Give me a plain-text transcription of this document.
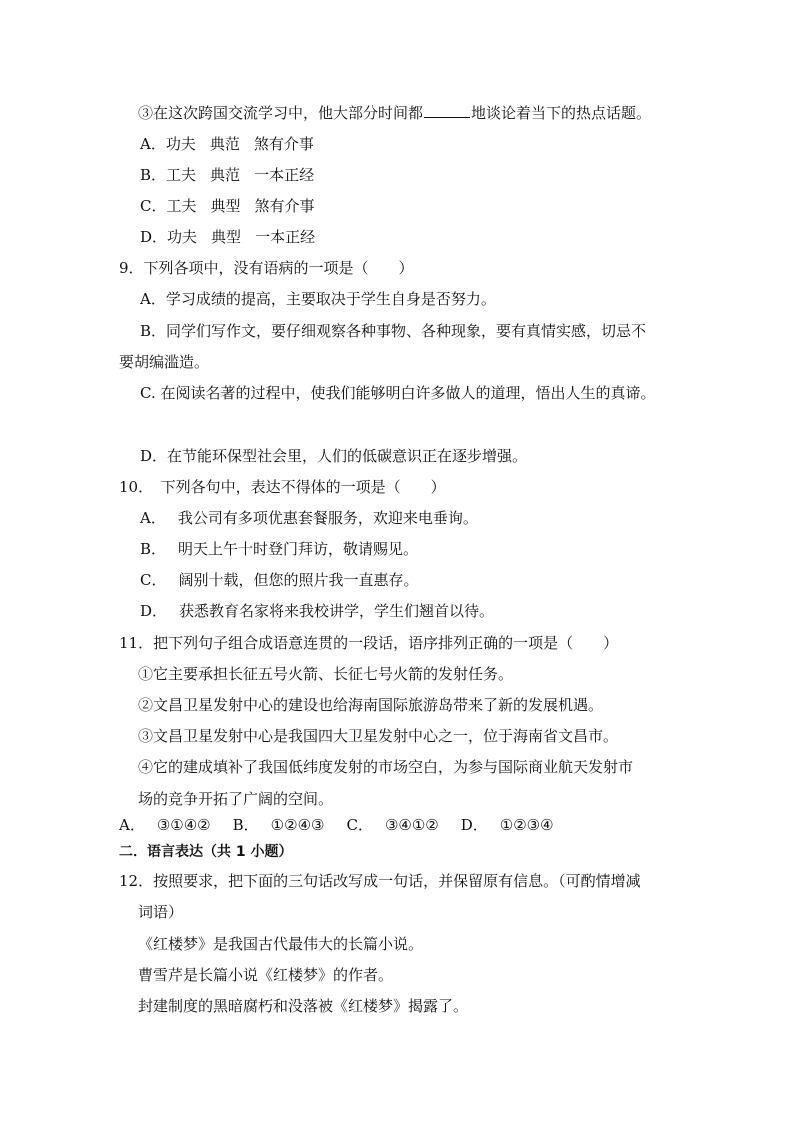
③在这次跨国交流学习中，他大部分时间都	地谈论着当下的热点话题。
A．功夫 典范 煞有介事
B．工夫 典范 一本正经
C．工夫 典型 煞有介事
D．功夫 典型 一本正经
9．下列各项中，没有语病的一项是（　　）
A．学习成绩的提高，主要取决于学生自身是否努力。
B．同学们写作文，要仔细观察各种事物、各种现象，要有真情实感，切忌不
要胡编滥造。
C. 在阅读名著的过程中，使我们能够明白许多做人的道理，悟出人生的真谛。
D．在节能环保型社会里，人们的低碳意识正在逐步增强。
10．　下列各句中，表达不得体的一项是（　　）
A． 我公司有多项优惠套餐服务，欢迎来电垂询。
B． 明天上午十时登门拜访，敬请赐见。
C． 阔别十载，但您的照片我一直惠存。
D． 获悉教育名家将来我校讲学，学生们翘首以待。
11．把下列句子组合成语意连贯的一段话，语序排列正确的一项是（　　）
①它主要承担长征五号火箭、长征七号火箭的发射任务。
②文昌卫星发射中心的建设也给海南国际旅游岛带来了新的发展机遇。
③文昌卫星发射中心是我国四大卫星发射中心之一，位于海南省文昌市。
④它的建成填补了我国低纬度发射的市场空白，为参与国际商业航天发射市
场的竞争开拓了广阔的空间。
A． ③①④② B． ①②④③ C． ③④①② D． ①②③④
二．语言表达（共 1 小题）
12．按照要求，把下面的三句话改写成一句话，并保留原有信息。（可酌情增减
词语）
《红楼梦》是我国古代最伟大的长篇小说。
曹雪芹是长篇小说《红楼梦》的作者。
封建制度的黑暗腐朽和没落被《红楼梦》揭露了。
